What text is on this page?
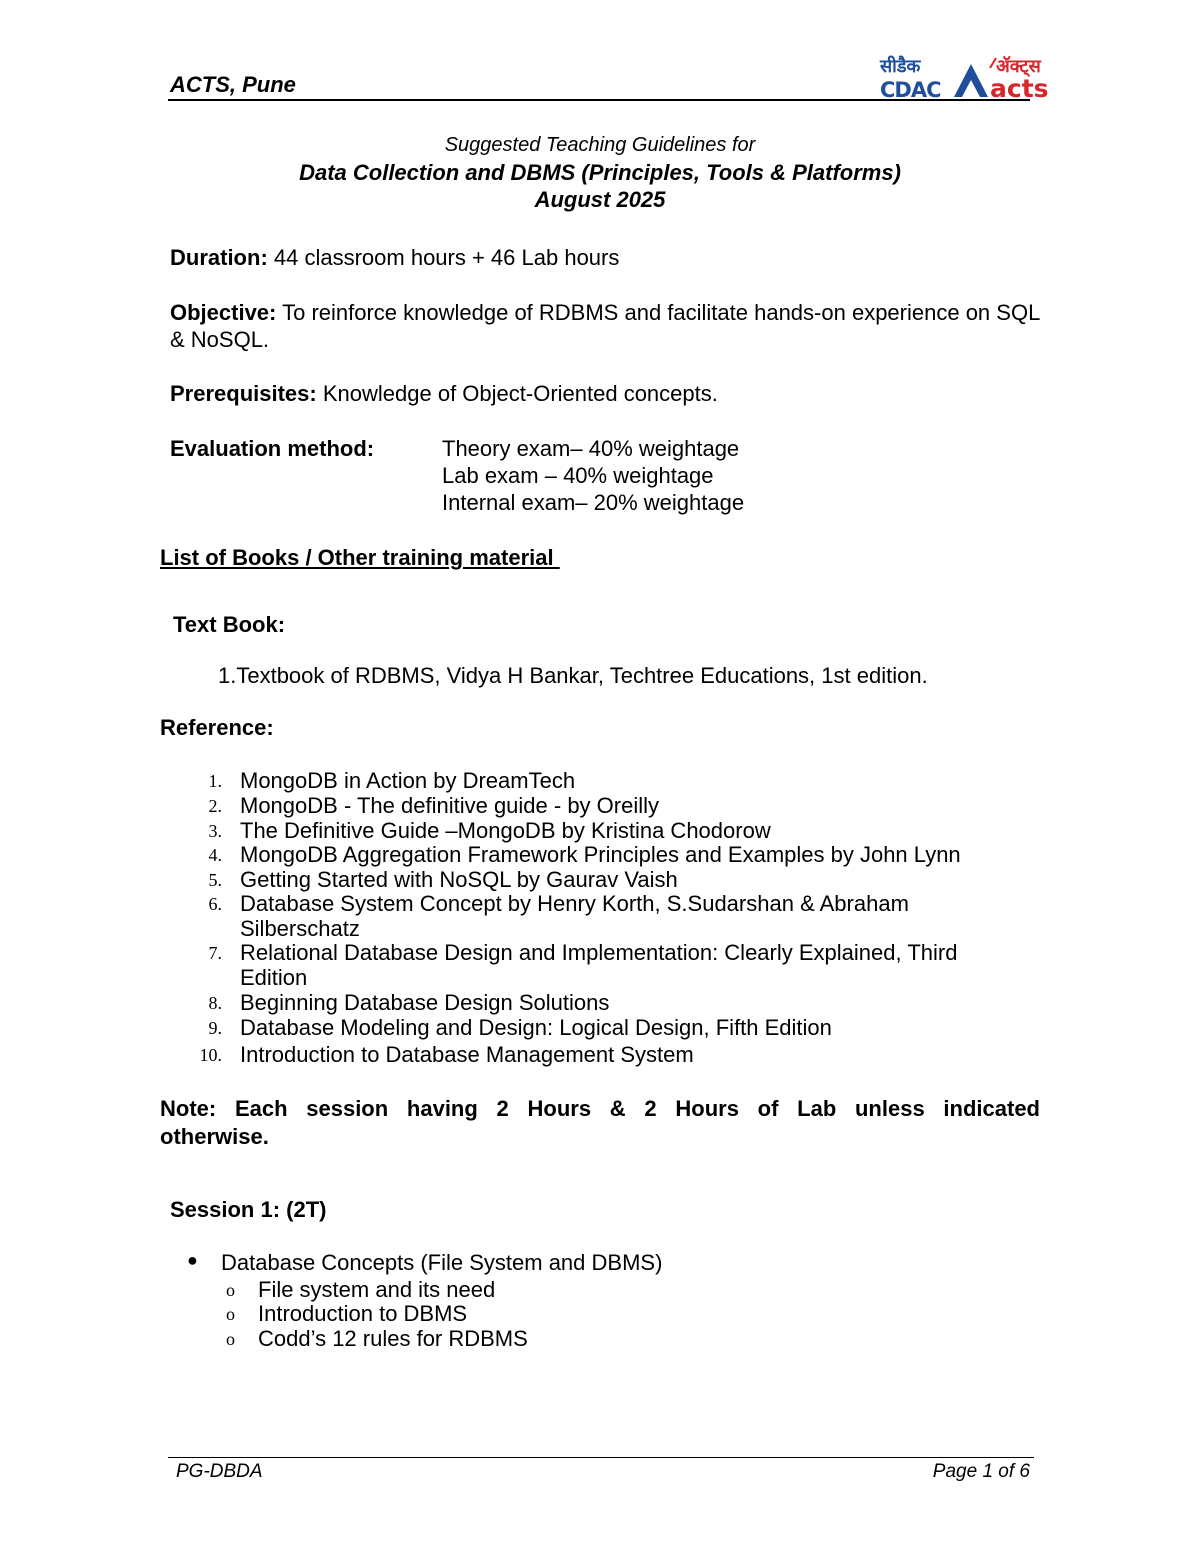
ACTS, Pune
सीडैक
CDAC
ॲक्ट्स
acts
Suggested Teaching Guidelines for
Data Collection and DBMS (Principles, Tools & Platforms)
August 2025
Duration: 44 classroom hours + 46 Lab hours
Objective: To reinforce knowledge of RDBMS and facilitate hands-on experience on SQL & NoSQL.
Prerequisites: Knowledge of Object-Oriented concepts.
Evaluation method:	Theory exam– 40% weightage
Lab exam – 40% weightage
Internal exam– 20% weightage
List of Books / Other training material
Text Book:
1.Textbook of RDBMS, Vidya H Bankar, Techtree Educations, 1st edition.
Reference:
1. MongoDB in Action by DreamTech
2. MongoDB - The definitive guide - by Oreilly
3. The Definitive Guide –MongoDB by Kristina Chodorow
4. MongoDB Aggregation Framework Principles and Examples by John Lynn
5. Getting Started with NoSQL by Gaurav Vaish
6. Database System Concept by Henry Korth, S.Sudarshan & Abraham Silberschatz
7. Relational Database Design and Implementation: Clearly Explained, Third Edition
8. Beginning Database Design Solutions
9. Database Modeling and Design: Logical Design, Fifth Edition
10. Introduction to Database Management System
Note: Each session having 2 Hours & 2 Hours of Lab unless indicated otherwise.
Session 1: (2T)
● Database Concepts (File System and DBMS)
o File system and its need
o Introduction to DBMS
o Codd’s 12 rules for RDBMS
PG-DBDA	Page 1 of 6
